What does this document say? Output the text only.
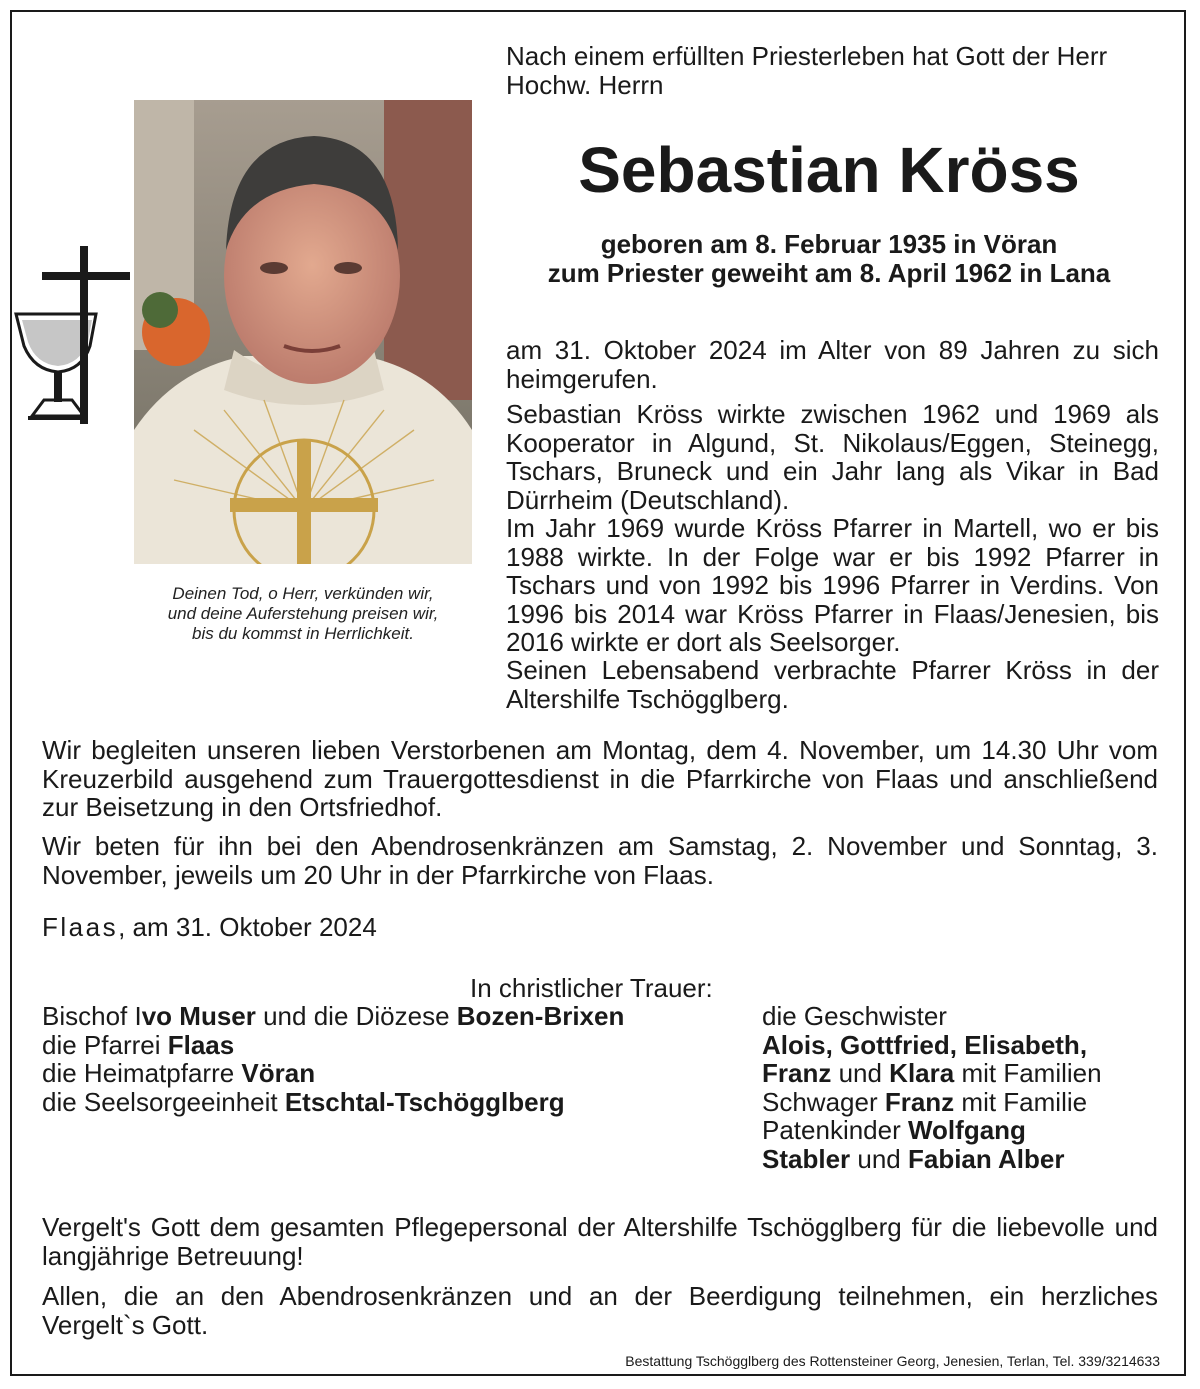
Deinen Tod, o Herr, verkünden wir,
und deine Auferstehung preisen wir,
bis du kommst in Herrlichkeit.
Nach einem erfüllten Priesterleben hat Gott der Herr Hochw. Herrn
Sebastian Kröss
geboren am 8. Februar 1935 in Vöran
zum Priester geweiht am 8. April 1962 in Lana
am 31. Oktober 2024 im Alter von 89 Jahren zu sich heimgerufen.
Sebastian Kröss wirkte zwischen 1962 und 1969 als Kooperator in Algund, St. Nikolaus/Eggen, Steinegg, Tschars, Bruneck und ein Jahr lang als Vikar in Bad Dürrheim (Deutschland).
Im Jahr 1969 wurde Kröss Pfarrer in Martell, wo er bis 1988 wirkte. In der Folge war er bis 1992 Pfarrer in Tschars und von 1992 bis 1996 Pfarrer in Verdins. Von 1996 bis 2014 war Kröss Pfarrer in Flaas/Jenesien, bis 2016 wirkte er dort als Seelsorger.
Seinen Lebensabend verbrachte Pfarrer Kröss in der Altershilfe Tschögglberg.
Wir begleiten unseren lieben Verstorbenen am Montag, dem 4. November, um 14.30 Uhr vom Kreuzerbild ausgehend zum Trauergottesdienst in die Pfarrkirche von Flaas und anschließend zur Beisetzung in den Ortsfriedhof.
Wir beten für ihn bei den Abendrosenkränzen am Samstag, 2. November und Sonntag, 3. November, jeweils um 20 Uhr in der Pfarrkirche von Flaas.
Flaas, am 31. Oktober 2024
In christlicher Trauer:
Bischof Ivo Muser und die Diözese Bozen-Brixen
die Pfarrei Flaas
die Heimatpfarre Vöran
die Seelsorgeeinheit Etschtal-Tschögglberg
die Geschwister
Alois, Gottfried, Elisabeth,
Franz und Klara mit Familien
Schwager Franz mit Familie
Patenkinder Wolfgang
Stabler und Fabian Alber
Vergelt's Gott dem gesamten Pflegepersonal der Altershilfe Tschögglberg für die liebevolle und langjährige Betreuung!
Allen, die an den Abendrosenkränzen und an der Beerdigung teilnehmen, ein herzliches Vergelt`s Gott.
Bestattung Tschögglberg des Rottensteiner Georg, Jenesien, Terlan, Tel. 339/3214633
